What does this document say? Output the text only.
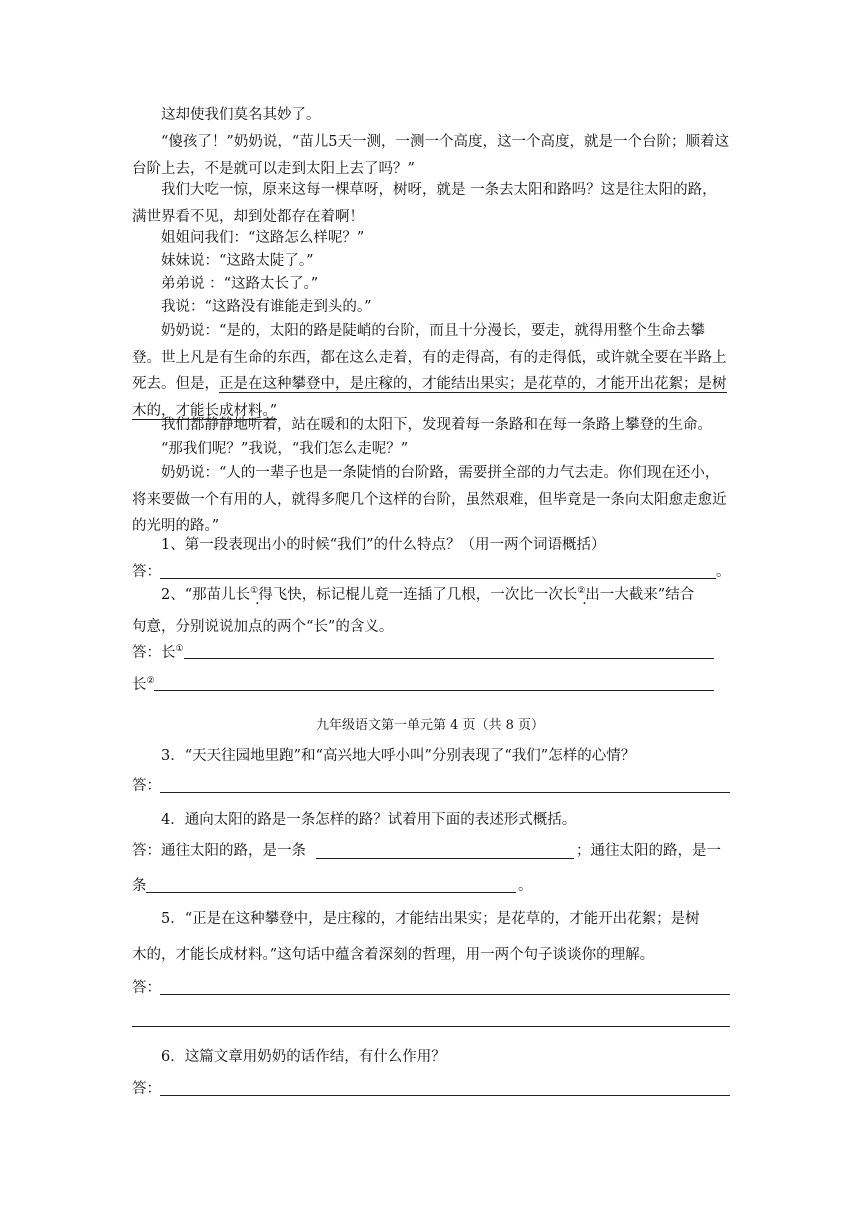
这却使我们莫名其妙了。

“傻孩了！”奶奶说，“苗儿5天一测，一测一个高度，这一个高度，就是一个台阶；顺着这台阶上去，不是就可以走到太阳上去了吗？”

我们大吃一惊，原来这每一棵草呀，树呀，就是 一条去太阳和路吗？这是往太阳的路，满世界看不见，却到处都存在着啊！

姐姐问我们：“这路怎么样呢？”

妹妹说：“这路太陡了。”

弟弟说 ：“这路太长了。”

我说：“这路没有谁能走到头的。”

奶奶说：“是的，太阳的路是陡峭的台阶，而且十分漫长，要走，就得用整个生命去攀登。世上凡是有生命的东西，都在这么走着，有的走得高，有的走得低，或许就全要在半路上死去。但是，正是在这种攀登中，是庄稼的，才能结出果实；是花草的，才能开出花絮；是树木的，才能长成材料。”

我们都静静地听着，站在暖和的太阳下，发现着每一条路和在每一条路上攀登的生命。

“那我们呢？”我说，“我们怎么走呢？”

奶奶说：“人的一辈子也是一条陡悄的台阶路，需要拼全部的力气去走。你们现在还小，将来要做一个有用的人，就得多爬几个这样的台阶，虽然艰难，但毕竟是一条向太阳愈走愈近的光明的路。”

1、第一段表现出小的时候“我们”的什么特点？（用一两个词语概括）

答：	。

2、“那苗儿长①得飞快，标记棍儿竟一连插了几根，一次比一次长②出一大截来”结合

句意，分别说说加点的两个“长”的含义。

答：长①
长②
九年级语文第一单元第 4 页（共 8 页）

3．“天天往园地里跑”和“高兴地大呼小叫”分别表现了“我们”怎样的心情？

答：

4．通向太阳的路是一条怎样的路？试着用下面的表述形式概括。

答：通往太阳的路，是一条	；通往太阳的路，是一
条	。

5．“正是在这种攀登中，是庄稼的，才能结出果实；是花草的，才能开出花絮；是树

木的，才能长成材料。”这句话中蕴含着深刻的哲理，用一两个句子谈谈你的理解。

答：

6．这篇文章用奶奶的话作结，有什么作用？

答：
